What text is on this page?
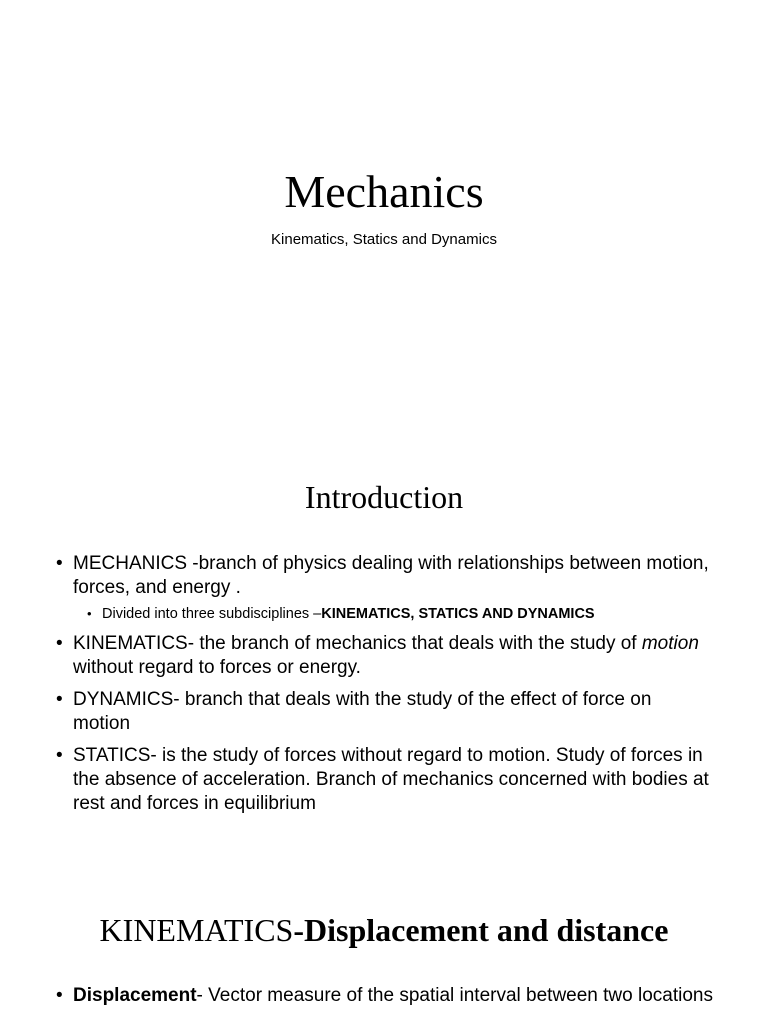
Mechanics
Kinematics, Statics and Dynamics
Introduction
• MECHANICS -branch of physics dealing with relationships between motion, forces, and energy .
• Divided into three subdisciplines –KINEMATICS, STATICS AND DYNAMICS
• KINEMATICS- the branch of mechanics that deals with the study of motion without regard to forces or energy.
• DYNAMICS- branch that deals with the study of the effect of force on motion
• STATICS- is the study of forces without regard to motion. Study of forces in the absence of acceleration. Branch of mechanics concerned with bodies at rest and forces in equilibrium
KINEMATICS-Displacement and distance
• Displacement- Vector measure of the spatial interval between two locations
